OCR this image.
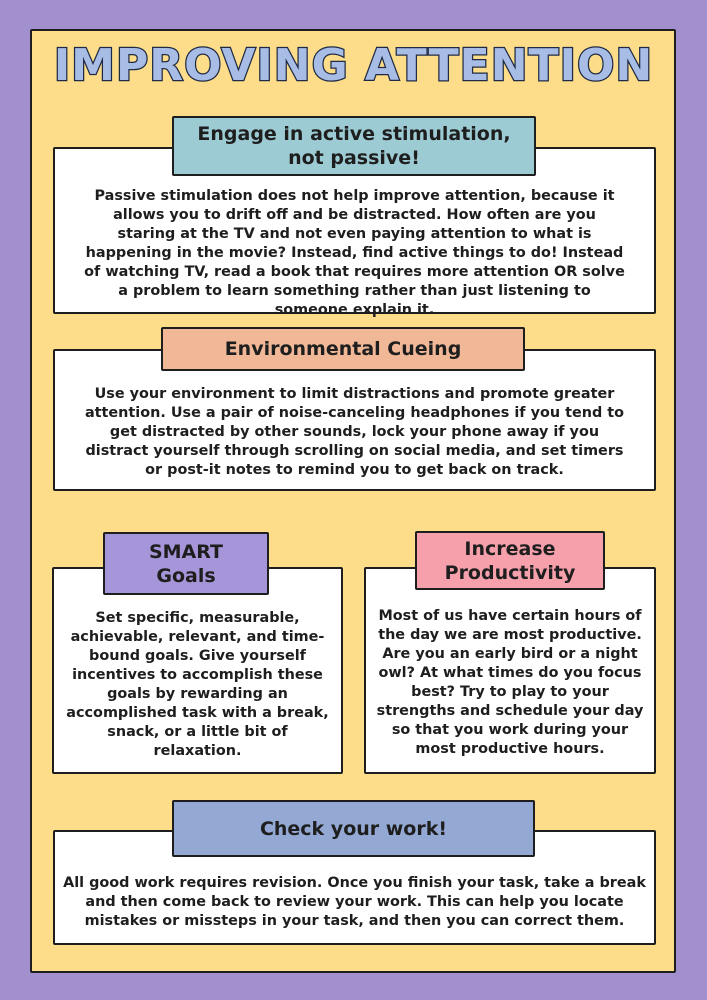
IMPROVING ATTENTION

Passive stimulation does not help improve attention, because it allows you to drift off and be distracted. How often are you staring at the TV and not even paying attention to what is happening in the movie? Instead, find active things to do! Instead of watching TV, read a book that requires more attention OR solve a problem to learn something rather than just listening to someone explain it.

Engage in active stimulation,
not passive!

Use your environment to limit distractions and promote greater attention. Use a pair of noise-canceling headphones if you tend to get distracted by other sounds, lock your phone away if you distract yourself through scrolling on social media, and set timers or post-it notes to remind you to get back on track.

Environmental Cueing

Set specific, measurable, achievable, relevant, and time-bound goals. Give yourself incentives to accomplish these goals by rewarding an accomplished task with a break, snack, or a little bit of relaxation.

SMART
Goals

Most of us have certain hours of the day we are most productive. Are you an early bird or a night owl? At what times do you focus best? Try to play to your strengths and schedule your day so that you work during your most productive hours.

Increase
Productivity

All good work requires revision. Once you finish your task, take a break and then come back to review your work. This can help you locate mistakes or missteps in your task, and then you can correct them.

Check your work!
